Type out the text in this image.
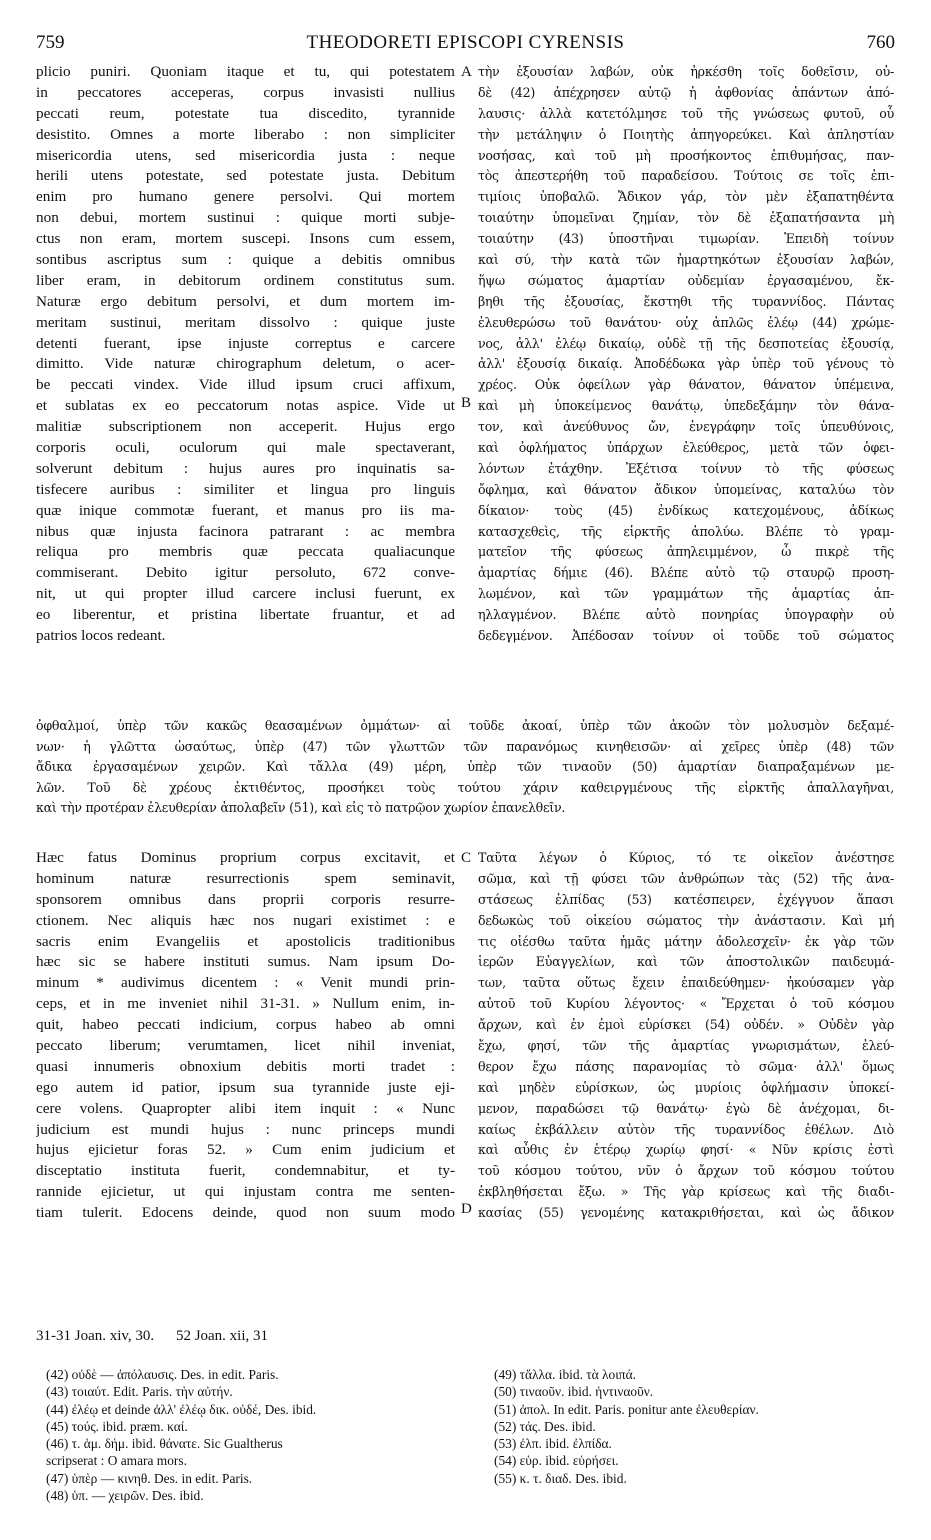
759	THEODORETI EPISCOPI CYRENSIS	760
plicio puniri. Quoniam itaque et tu, qui potestatem
in peccatores acceperas, corpus invasisti nullius
peccati reum, potestate tua discedito, tyrannide
desistito. Omnes a morte liberabo : non simpliciter
misericordia utens, sed misericordia justa : neque
herili utens potestate, sed potestate justa. Debitum
enim pro humano genere persolvi. Qui mortem
non debui, mortem sustinui : quique morti subje-
ctus non eram, mortem suscepi. Insons cum essem,
sontibus ascriptus sum : quique a debitis omnibus
liber eram, in debitorum ordinem constitutus sum.
Naturæ ergo debitum persolvi, et dum mortem im-
meritam sustinui, meritam dissolvo : quique juste
detenti fuerant, ipse injuste correptus e carcere
dimitto. Vide naturæ chirographum deletum, o acer-
be peccati vindex. Vide illud ipsum cruci affixum,
et sublatas ex eo peccatorum notas aspice. Vide ut
malitiæ subscriptionem non acceperit. Hujus ergo
corporis oculi, oculorum qui male spectaverant,
solverunt debitum : hujus aures pro inquinatis sa-
tisfecere auribus : similiter et lingua pro linguis
quæ inique commotæ fuerant, et manus pro iis ma-
nibus quæ injusta facinora patrarant : ac membra
reliqua pro membris quæ peccata qualiacunque
commiserant. Debito igitur persoluto, 672 conve-
nit, ut qui propter illud carcere inclusi fuerunt, ex
eo liberentur, et pristina libertate fruantur, et ad
patrios locos redeant.
τὴν ἐξουσίαν λαβών, οὐκ ἠρκέσθη τοῖς δοθεῖσιν, οὐ-
δὲ (42) ἀπέχρησεν αὐτῷ ἡ ἀφθονίας ἁπάντων ἀπό-
λαυσις· ἀλλὰ κατετόλμησε τοῦ τῆς γνώσεως φυτοῦ, οὗ
τὴν μετάληψιν ὁ Ποιητὴς ἀπηγορεύκει. Καὶ ἀπληστίαν
νοσήσας, καὶ τοῦ μὴ προσήκοντος ἐπιθυμήσας, παν-
τὸς ἀπεστερήθη τοῦ παραδείσου. Τούτοις σε τοῖς ἐπι-
τιμίοις ὑποβαλῶ. Ἄδικον γάρ, τὸν μὲν ἐξαπατηθέντα
τοιαύτην ὑπομεῖναι ζημίαν, τὸν δὲ ἐξαπατήσαντα μὴ
τοιαύτην (43) ὑποστῆναι τιμωρίαν. Ἐπειδὴ τοίνυν
καὶ σύ, τὴν κατὰ τῶν ἡμαρτηκότων ἐξουσίαν λαβών,
ἥψω σώματος ἁμαρτίαν οὐδεμίαν ἐργασαμένου, ἔκ-
βηθι τῆς ἐξουσίας, ἔκστηθι τῆς τυραννίδος. Πάντας
ἐλευθερώσω τοῦ θανάτου· οὐχ ἁπλῶς ἐλέῳ (44) χρώμε-
νος, ἀλλ' ἐλέῳ δικαίῳ, οὐδὲ τῇ τῆς δεσποτείας ἐξουσίᾳ,
ἀλλ' ἐξουσίᾳ δικαίᾳ. Ἀποδέδωκα γὰρ ὑπὲρ τοῦ γένους τὸ
χρέος. Οὐκ ὀφείλων γὰρ θάνατον, θάνατον ὑπέμεινα,
καὶ μὴ ὑποκείμενος θανάτῳ, ὑπεδεξάμην τὸν θάνα-
τον, καὶ ἀνεύθυνος ὤν, ἐνεγράφην τοῖς ὑπευθύνοις,
καὶ ὀφλήματος ὑπάρχων ἐλεύθερος, μετὰ τῶν ὀφει-
λόντων ἐτάχθην. Ἐξέτισα τοίνυν τὸ τῆς φύσεως
ὄφλημα, καὶ θάνατον ἄδικον ὑπομείνας, καταλύω τὸν
δίκαιον· τοὺς (45) ἐνδίκως κατεχομένους, ἀδίκως
κατασχεθεὶς, τῆς εἱρκτῆς ἀπολύω. Βλέπε τὸ γραμ-
ματεῖον τῆς φύσεως ἀπηλειμμένον, ὦ πικρὲ τῆς
ἁμαρτίας δήμιε (46). Βλέπε αὐτὸ τῷ σταυρῷ προση-
λωμένον, καὶ τῶν γραμμάτων τῆς ἁμαρτίας ἀπ-
ηλλαγμένον. Βλέπε αὐτὸ πονηρίας ὑπογραφὴν οὐ
δεδεγμένον. Ἀπέδοσαν τοίνυν οἱ τοῦδε τοῦ σώματος
A
B
C
D
ὀφθαλμοί, ὑπὲρ τῶν κακῶς θεασαμένων ὀμμάτων· αἱ τοῦδε ἀκοαί, ὑπὲρ τῶν ἀκοῶν τὸν μολυσμὸν δεξαμέ-
νων· ἡ γλῶττα ὡσαύτως, ὑπὲρ (47) τῶν γλωττῶν τῶν παρανόμως κινηθεισῶν· αἱ χεῖρες ὑπὲρ (48) τῶν
ἄδικα ἐργασαμένων χειρῶν. Καὶ τἄλλα (49) μέρη, ὑπὲρ τῶν τιναοῦν (50) ἁμαρτίαν διαπραξαμένων με-
λῶν. Τοῦ δὲ χρέους ἐκτιθέντος, προσήκει τοὺς τούτου χάριν καθειργμένους τῆς εἱρκτῆς ἀπαλλαγῆναι,
καὶ τὴν προτέραν ἐλευθερίαν ἀπολαβεῖν (51), καὶ εἰς τὸ πατρῷον χωρίον ἐπανελθεῖν.
Hæc fatus Dominus proprium corpus excitavit, et
hominum naturæ resurrectionis spem seminavit,
sponsorem omnibus dans proprii corporis resurre-
ctionem. Nec aliquis hæc nos nugari existimet : e
sacris enim Evangeliis et apostolicis traditionibus
hæc sic se habere instituti sumus. Nam ipsum Do-
minum * audivimus dicentem : « Venit mundi prin-
ceps, et in me inveniet nihil 31-31. » Nullum enim, in-
quit, habeo peccati indicium, corpus habeo ab omni
peccato liberum; verumtamen, licet nihil inveniat,
quasi innumeris obnoxium debitis morti tradet :
ego autem id patior, ipsum sua tyrannide juste eji-
cere volens. Quapropter alibi item inquit : « Nunc
judicium est mundi hujus : nunc princeps mundi
hujus ejicietur foras 52. » Cum enim judicium et
disceptatio instituta fuerit, condemnabitur, et ty-
rannide ejicietur, ut qui injustam contra me senten-
tiam tulerit. Edocens deinde, quod non suum modo
Ταῦτα λέγων ὁ Κύριος, τό τε οἰκεῖον ἀνέστησε
σῶμα, καὶ τῇ φύσει τῶν ἀνθρώπων τὰς (52) τῆς ἀνα-
στάσεως ἐλπίδας (53) κατέσπειρεν, ἐχέγγυον ἅπασι
δεδωκὼς τοῦ οἰκείου σώματος τὴν ἀνάστασιν. Καὶ μή
τις οἰέσθω ταῦτα ἡμᾶς μάτην ἀδολεσχεῖν· ἐκ γὰρ τῶν
ἱερῶν Εὐαγγελίων, καὶ τῶν ἀποστολικῶν παιδευμά-
των, ταῦτα οὕτως ἔχειν ἐπαιδεύθημεν· ἠκούσαμεν γὰρ
αὐτοῦ τοῦ Κυρίου λέγοντος· « Ἔρχεται ὁ τοῦ κόσμου
ἄρχων, καὶ ἐν ἐμοὶ εὑρίσκει (54) οὐδέν. » Οὐδὲν γὰρ
ἔχω, φησί, τῶν τῆς ἁμαρτίας γνωρισμάτων, ἐλεύ-
θερον ἔχω πάσης παρανομίας τὸ σῶμα· ἀλλ' ὅμως
καὶ μηδὲν εὑρίσκων, ὡς μυρίοις ὀφλήμασιν ὑποκεί-
μενον, παραδώσει τῷ θανάτῳ· ἐγὼ δὲ ἀνέχομαι, δι-
καίως ἐκβάλλειν αὐτὸν τῆς τυραννίδος ἐθέλων. Διὸ
καὶ αὖθις ἐν ἑτέρῳ χωρίῳ φησί· « Νῦν κρίσις ἐστὶ
τοῦ κόσμου τούτου, νῦν ὁ ἄρχων τοῦ κόσμου τούτου
ἐκβληθήσεται ἔξω. » Τῆς γὰρ κρίσεως καὶ τῆς διαδι-
κασίας (55) γενομένης κατακριθήσεται, καὶ ὡς ἄδικον
31-31 Joan. xiv, 30. 52 Joan. xii, 31
(42) οὐδὲ — ἀπόλαυσις. Des. in edit. Paris.
(43) τοιαύτ. Edit. Paris. τὴν αὐτήν.
(44) ἐλέῳ et deinde ἀλλ' ἐλέῳ δικ. οὐδέ, Des. ibid.
(45) τούς. ibid. præm. καί.
(46) τ. ἁμ. δήμ. ibid. θάνατε. Sic Gualtherus
scripserat : O amara mors.
(47) ὑπὲρ — κινηθ. Des. in edit. Paris.
(48) ὑπ. — χειρῶν. Des. ibid.
(49) τἄλλα. ibid. τὰ λοιπά.
(50) τιναοῦν. ibid. ἡντιναοῦν.
(51) ἀπολ. In edit. Paris. ponitur ante ἐλευθερίαν.
(52) τάς. Des. ibid.
(53) ἐλπ. ibid. ἐλπίδα.
(54) εὑρ. ibid. εὑρήσει.
(55) κ. τ. διαδ. Des. ibid.
